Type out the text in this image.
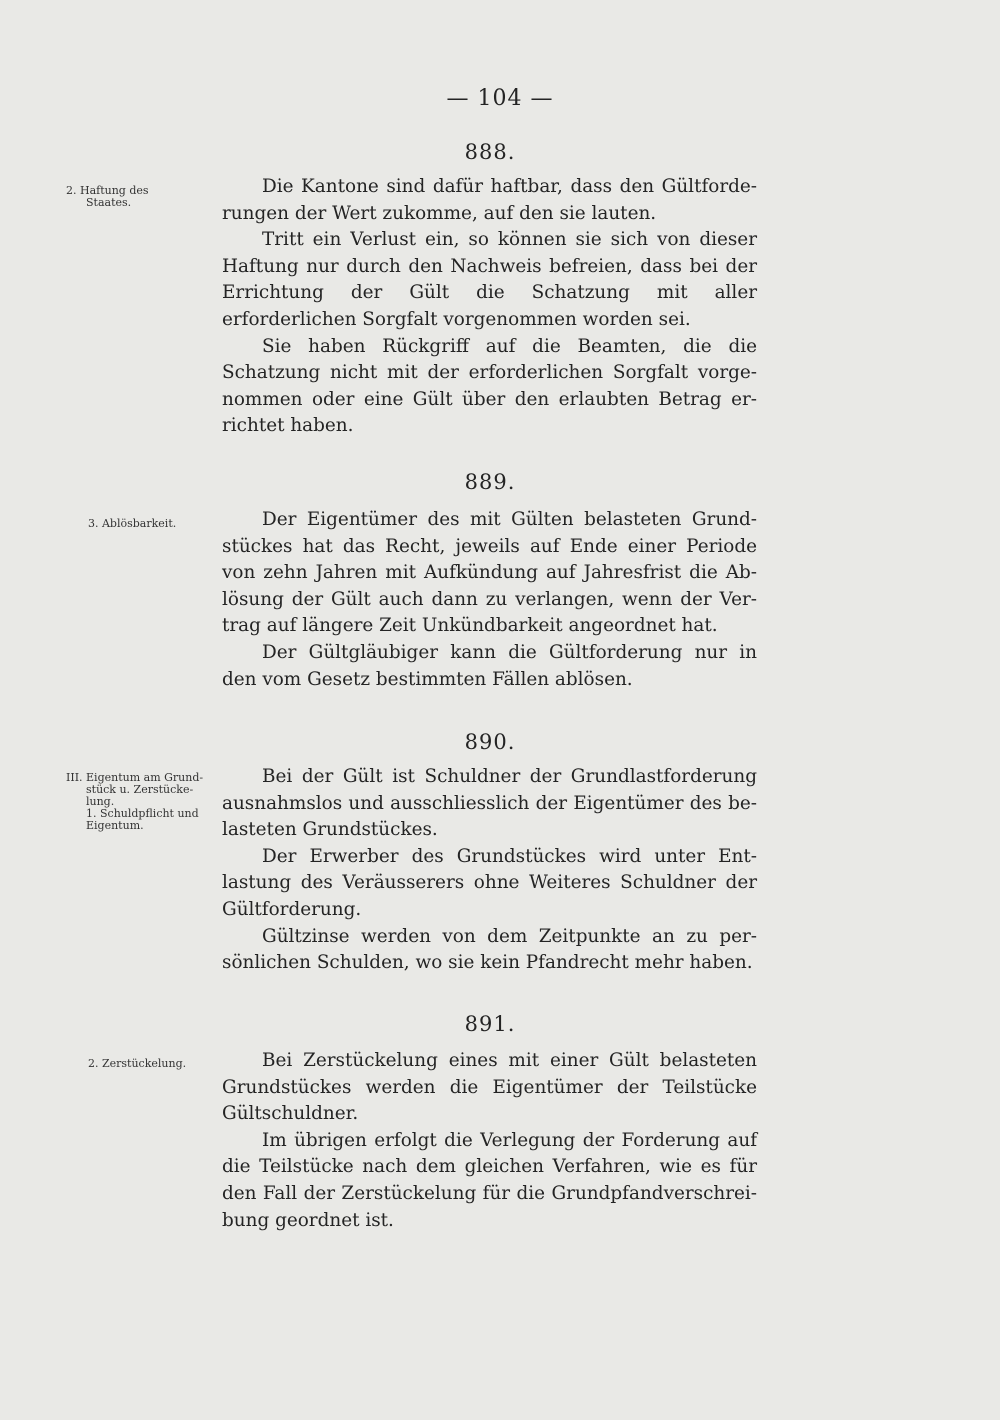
— 104 —
888.
2. Haftung des
Staates.

Die Kantone sind dafür haftbar, dass den Gültforderungen der Wert zukomme, auf den sie lauten.

Tritt ein Verlust ein, so können sie sich von dieser Haftung nur durch den Nachweis befreien, dass bei der Errichtung der Gült die Schatzung mit aller erforderlichen Sorgfalt vorgenommen worden sei.

Sie haben Rückgriff auf die Beamten, die die Schatzung nicht mit der erforderlichen Sorgfalt vorgenommen oder eine Gült über den erlaubten Betrag errichtet haben.

889.
3. Ablösbarkeit.	Der Eigentümer des mit Gülten belasteten Grundstückes hat das Recht, jeweils auf Ende einer Periode von zehn Jahren mit Aufkündung auf Jahresfrist die Ablösung der Gült auch dann zu verlangen, wenn der Vertrag auf längere Zeit Unkündbarkeit angeordnet hat.

Der Gültgläubiger kann die Gültforderung nur in den vom Gesetz bestimmten Fällen ablösen.

890.
III. Eigentum am Grund-
stück u. Zerstücke-
lung.
1. Schuldpflicht und
Eigentum.

Bei der Gült ist Schuldner der Grundlastforderung ausnahmslos und ausschliesslich der Eigentümer des belasteten Grundstückes.

Der Erwerber des Grundstückes wird unter Entlastung des Veräusserers ohne Weiteres Schuldner der Gültforderung.

Gültzinse werden von dem Zeitpunkte an zu persönlichen Schulden, wo sie kein Pfandrecht mehr haben.

891.
2. Zerstückelung.	Bei Zerstückelung eines mit einer Gült belasteten Grundstückes werden die Eigentümer der Teilstücke Gültschuldner.

Im übrigen erfolgt die Verlegung der Forderung auf die Teilstücke nach dem gleichen Verfahren, wie es für den Fall der Zerstückelung für die Grundpfandverschreibung geordnet ist.
